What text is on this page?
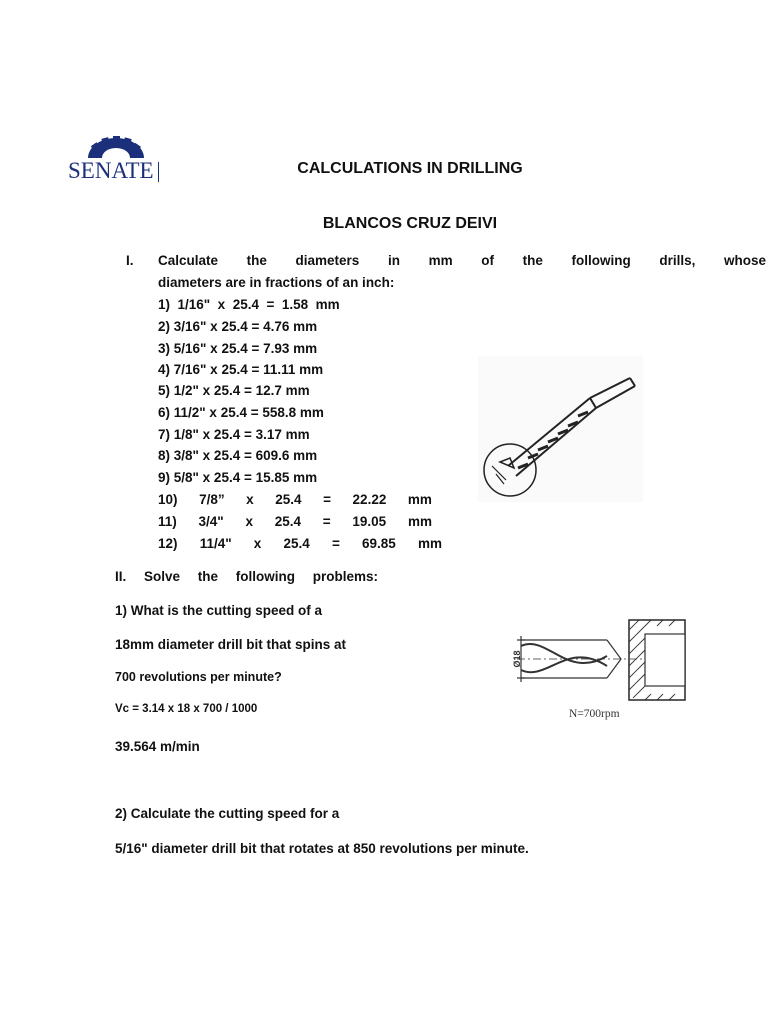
SENATE	CALCULATIONS IN DRILLING
BLANCOS CRUZ DEIVI
I. Calculate the diameters in mm of the following drills, whose
diameters are in fractions of an inch:
1)  1/16"  x  25.4  =  1.58  mm
2) 3/16" x 25.4 = 4.76 mm
3) 5/16" x 25.4 = 7.93 mm
4) 7/16" x 25.4 = 11.11 mm
5) 1/2" x 25.4 = 12.7 mm
6) 11/2" x 25.4 = 558.8 mm
7) 1/8" x 25.4 = 3.17 mm
8) 3/8" x 25.4 = 609.6 mm
9) 5/8" x 25.4 = 15.85 mm
10) 7/8” x 25.4 = 22.22 mm
11) 3/4" x 25.4 = 19.05 mm
12) 11/4" x 25.4 = 69.85 mm
II. Solve the following problems:
1) What is the cutting speed of a
18mm diameter drill bit that spins at
700 revolutions per minute?
Vc = 3.14 x 18 x 700 / 1000
39.564 m/min
Ø18
N=700rpm
2) Calculate the cutting speed for a
5/16" diameter drill bit that rotates at 850 revolutions per minute.
